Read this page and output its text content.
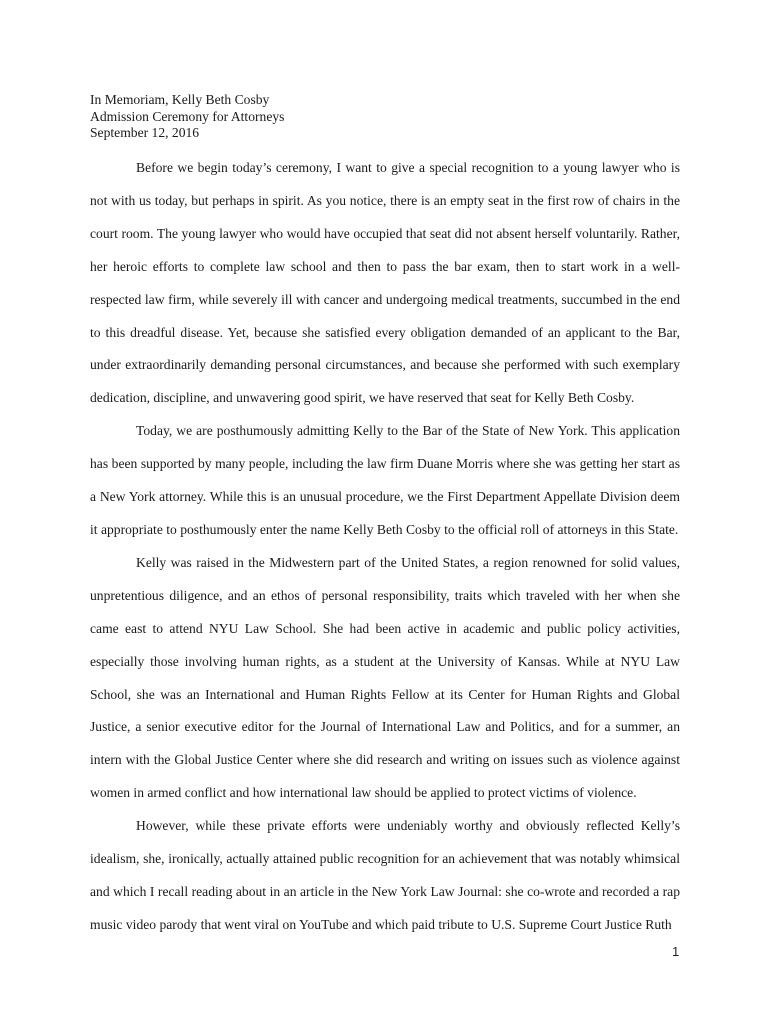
In Memoriam, Kelly Beth Cosby
Admission Ceremony for Attorneys
September 12, 2016

Before we begin today’s ceremony, I want to give a special recognition to a young lawyer who is not with us today, but perhaps in spirit. As you notice, there is an empty seat in the first row of chairs in the court room. The young lawyer who would have occupied that seat did not absent herself voluntarily. Rather, her heroic efforts to complete law school and then to pass the bar exam, then to start work in a well-respected law firm, while severely ill with cancer and undergoing medical treatments, succumbed in the end to this dreadful disease. Yet, because she satisfied every obligation demanded of an applicant to the Bar, under extraordinarily demanding personal circumstances, and because she performed with such exemplary dedication, discipline, and unwavering good spirit, we have reserved that seat for Kelly Beth Cosby.

Today, we are posthumously admitting Kelly to the Bar of the State of New York. This application has been supported by many people, including the law firm Duane Morris where she was getting her start as a New York attorney. While this is an unusual procedure, we the First Department Appellate Division deem it appropriate to posthumously enter the name Kelly Beth Cosby to the official roll of attorneys in this State.

Kelly was raised in the Midwestern part of the United States, a region renowned for solid values, unpretentious diligence, and an ethos of personal responsibility, traits which traveled with her when she came east to attend NYU Law School. She had been active in academic and public policy activities, especially those involving human rights, as a student at the University of Kansas. While at NYU Law School, she was an International and Human Rights Fellow at its Center for Human Rights and Global Justice, a senior executive editor for the Journal of International Law and Politics, and for a summer, an intern with the Global Justice Center where she did research and writing on issues such as violence against women in armed conflict and how international law should be applied to protect victims of violence.

However, while these private efforts were undeniably worthy and obviously reflected Kelly’s idealism, she, ironically, actually attained public recognition for an achievement that was notably whimsical and which I recall reading about in an article in the New York Law Journal: she co-wrote and recorded a rap music video parody that went viral on YouTube and which paid tribute to U.S. Supreme Court Justice Ruth

1
